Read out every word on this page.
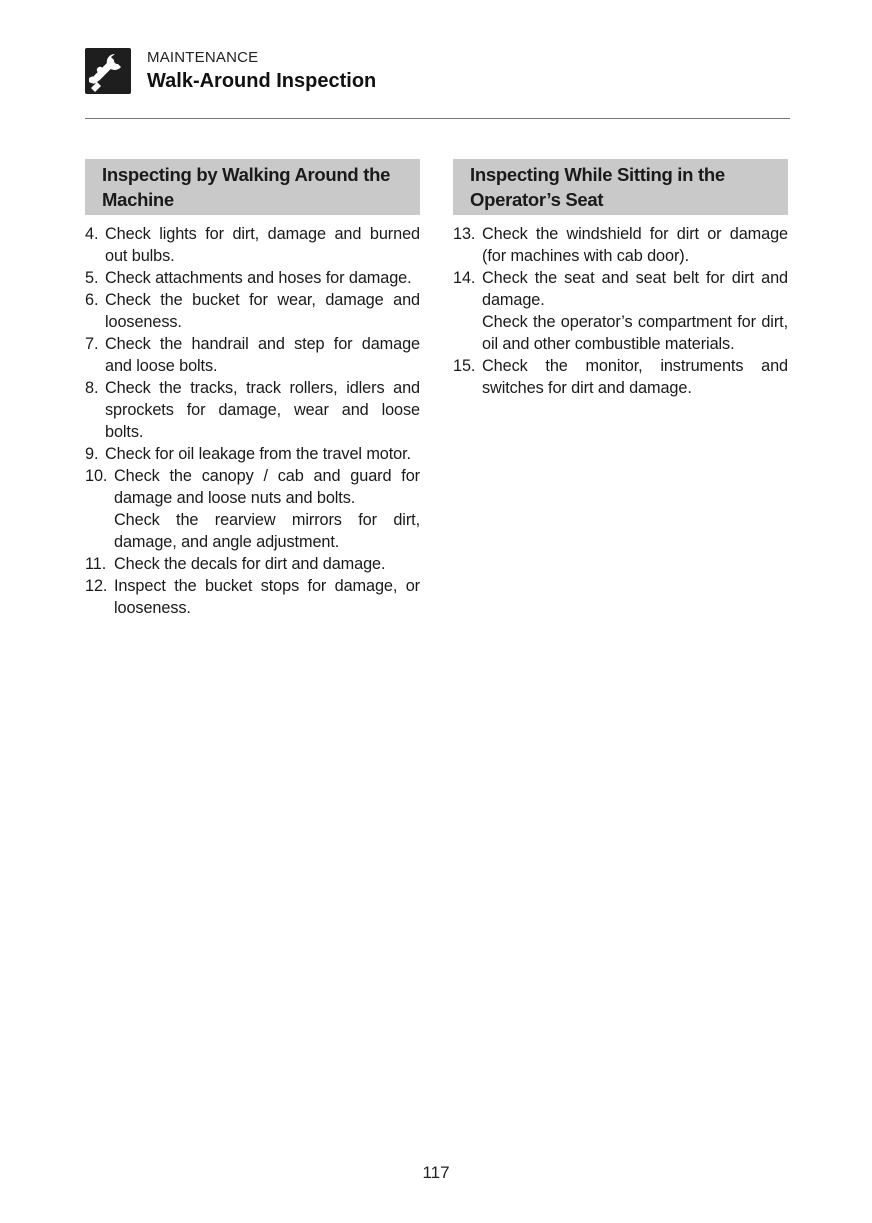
MAINTENANCE
Walk-Around Inspection
Inspecting by Walking Around the
Machine
4. Check lights for dirt, damage and burned out bulbs.

5. Check attachments and hoses for damage.

6. Check the bucket for wear, damage and looseness.

7. Check the handrail and step for damage and loose bolts.

8. Check the tracks, track rollers, idlers and sprockets for damage, wear and loose bolts.

9. Check for oil leakage from the travel motor.

10. Check the canopy / cab and guard for damage and loose nuts and bolts.

Check the rearview mirrors for dirt, damage, and angle adjustment.

11. Check the decals for dirt and damage.

12. Inspect the bucket stops for damage, or looseness.

Inspecting While Sitting in the
Operator’s Seat
13. Check the windshield for dirt or damage (for machines with cab door).

14. Check the seat and seat belt for dirt and damage.

Check the operator’s compartment for dirt, oil and other combustible materials.

15. Check the monitor, instruments and switches for dirt and damage.

117
